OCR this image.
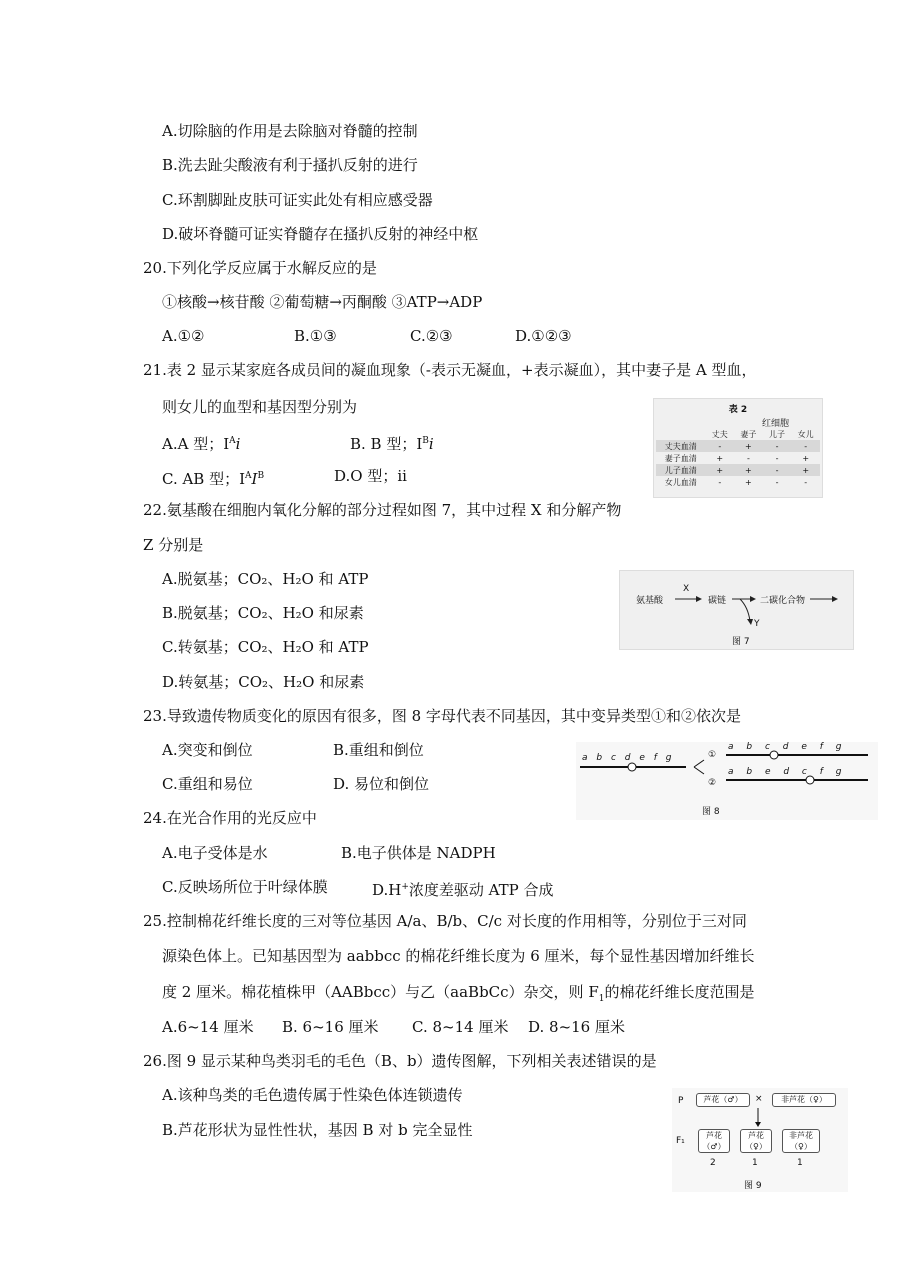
A.切除脑的作用是去除脑对脊髓的控制
B.洗去趾尖酸液有利于搔扒反射的进行
C.环割脚趾皮肤可证实此处有相应感受器
D.破坏脊髓可证实脊髓存在搔扒反射的神经中枢
20.下列化学反应属于水解反应的是
①核酸→核苷酸 ②葡萄糖→丙酮酸 ③ATP→ADP
A.①②	B.①③	C.②③	D.①②③
21.表 2 显示某家庭各成员间的凝血现象（-表示无凝血，+表示凝血），其中妻子是 A 型血，
则女儿的血型和基因型分别为
A.A 型；$I^Ai$	B. B 型；$I^Bi$
C. AB 型；$I^AI^B$	D.O 型；ii
表 2
红细胞
	丈夫	妻子	儿子	女儿
丈夫血清	-	+	-	-
妻子血清	+	-	-	+
儿子血清	+	+	-	+
女儿血清	-	+	-	-
22.氨基酸在细胞内氧化分解的部分过程如图 7，其中过程 X 和分解产物
Z 分别是
A.脱氨基；CO₂、H₂O 和 ATP
B.脱氨基；CO₂、H₂O 和尿素
C.转氨基；CO₂、H₂O 和 ATP
D.转氨基；CO₂、H₂O 和尿素
氨基酸
X
碳链	二碳化合物
Y
图 7
23.导致遗传物质变化的原因有很多，图 8 字母代表不同基因，其中变异类型①和②依次是
A.突变和倒位	B.重组和倒位
C.重组和易位	D. 易位和倒位
a b c d e f g	①
a b c d e f g
②
a b e d c f g
图 8
24.在光合作用的光反应中
A.电子受体是水	B.电子供体是 NADPH
C.反映场所位于叶绿体膜	D.H+浓度差驱动 ATP 合成
25.控制棉花纤维长度的三对等位基因 A/a、B/b、C/c 对长度的作用相等，分别位于三对同
源染色体上。已知基因型为 aabbcc 的棉花纤维长度为 6 厘米，每个显性基因增加纤维长
度 2 厘米。棉花植株甲（AABbcc）与乙（aaBbCc）杂交，则 $F_1$的棉花纤维长度范围是
A.6~14 厘米 B. 6~16 厘米 C. 8~14 厘米 D. 8~16 厘米
26.图 9 显示某种鸟类羽毛的毛色（B、b）遗传图解，下列相关表述错误的是
A.该种鸟类的毛色遗传属于性染色体连锁遗传
B.芦花形状为显性性状，基因 B 对 b 完全显性
P	芦花（♂）	×	非芦花（♀）
F₁
芦花（♂）
芦花（♀）
非芦花（♀）
2	1	1
图 9
